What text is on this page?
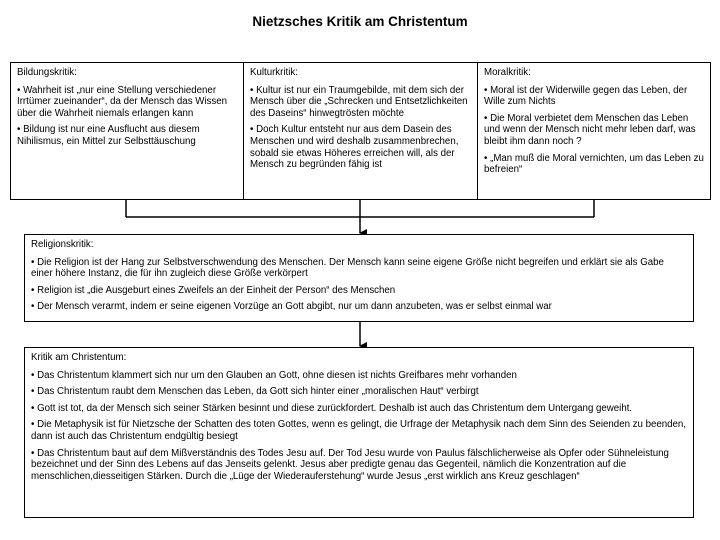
Nietzsches Kritik am Christentum

Bildungskritik:

• Wahrheit ist „nur eine Stellung verschiedener Irrtümer zueinander“, da der Mensch das Wissen über die Wahrheit niemals erlangen kann

• Bildung ist nur eine Ausflucht aus diesem Nihilismus, ein Mittel zur Selbsttäuschung

Kulturkritik:

• Kultur ist nur ein Traumgebilde, mit dem sich der Mensch über die „Schrecken und Entsetzlichkeiten des Daseins“ hinwegtrösten möchte

• Doch Kultur entsteht nur aus dem Dasein des Menschen und wird deshalb zusammenbrechen, sobald sie etwas Höheres erreichen will, als der Mensch zu begründen fähig ist

Moralkritik:

• Moral ist der Widerwille gegen das Leben, der Wille zum Nichts

• Die Moral verbietet dem Menschen das Leben und wenn der Mensch nicht mehr leben darf, was bleibt ihm dann noch ?

• „Man muß die Moral vernichten, um das Leben zu befreien“

Religionskritik:

• Die Religion ist der Hang zur Selbstverschwendung des Menschen. Der Mensch kann seine eigene Größe nicht begreifen und erklärt sie als Gabe einer höhere Instanz, die für ihn zugleich diese Größe verkörpert

• Religion ist „die Ausgeburt eines Zweifels an der Einheit der Person“ des Menschen

• Der Mensch verarmt, indem er seine eigenen Vorzüge an Gott abgibt, nur um dann anzubeten, was er selbst einmal war

Kritik am Christentum:

• Das Christentum klammert sich nur um den Glauben an Gott, ohne diesen ist nichts Greifbares mehr vorhanden

• Das Christentum raubt dem Menschen das Leben, da Gott sich hinter einer „moralischen Haut“ verbirgt

• Gott ist tot, da der Mensch sich seiner Stärken besinnt und diese zurückfordert. Deshalb ist auch das Christentum dem Untergang geweiht.

• Die Metaphysik ist für Nietzsche der Schatten des toten Gottes, wenn es gelingt, die Urfrage der Metaphysik nach dem Sinn des Seienden zu beenden, dann ist auch das Christentum endgültig besiegt

• Das Christentum baut auf dem Mißverständnis des Todes Jesu auf. Der Tod Jesu wurde von Paulus fälschlicherweise als Opfer oder Sühneleistung bezeichnet und der Sinn des Lebens auf das Jenseits gelenkt. Jesus aber predigte genau das Gegenteil, nämlich die Konzentration auf die menschlichen,diesseitigen Stärken. Durch die „Lüge der Wiederauferstehung“ wurde Jesus „erst wirklich ans Kreuz geschlagen“
